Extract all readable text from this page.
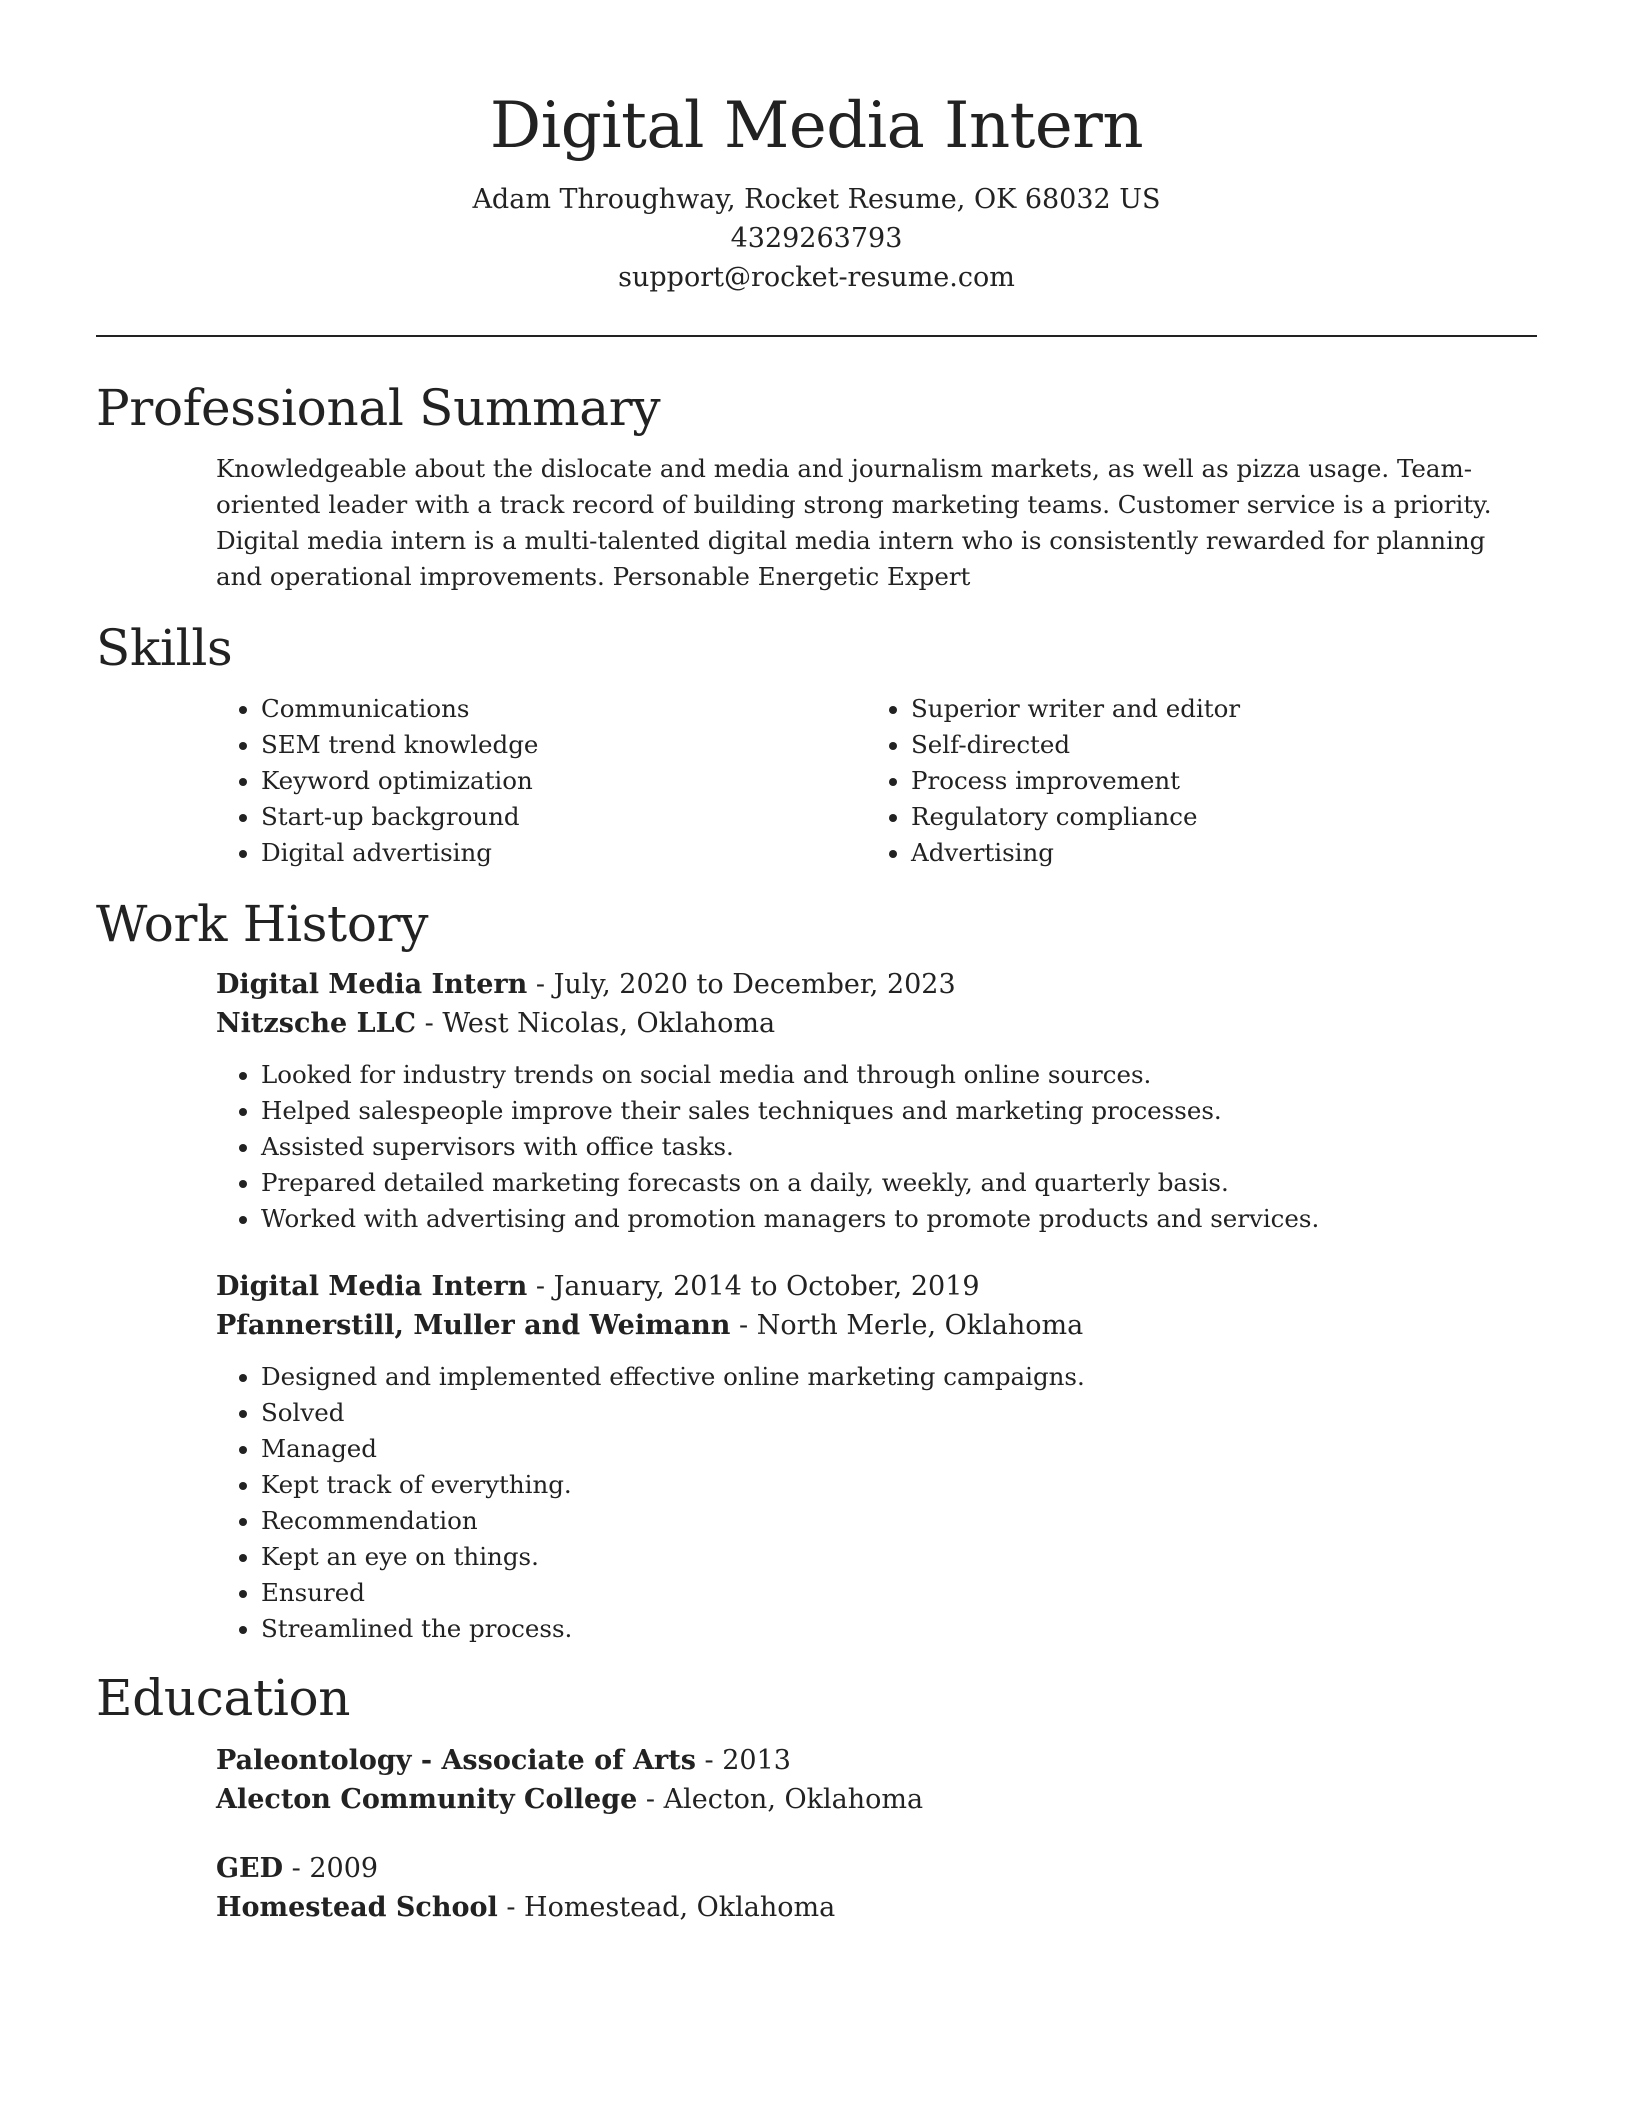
Digital Media Intern
Adam Throughway, Rocket Resume, OK 68032 US
4329263793
support@rocket-resume.com
Professional Summary

Knowledgeable about the dislocate and media and journalism markets, as well as pizza usage. Team-oriented leader with a track record of building strong marketing teams. Customer service is a priority. Digital media intern is a multi-talented digital media intern who is consistently rewarded for planning and operational improvements. Personable Energetic Expert

Skills
• Communications
• SEM trend knowledge
• Keyword optimization
• Start-up background
• Digital advertising
• Superior writer and editor
• Self-directed
• Process improvement
• Regulatory compliance
• Advertising
Work History
Digital Media Intern - July, 2020 to December, 2023
Nitzsche LLC - West Nicolas, Oklahoma
• Looked for industry trends on social media and through online sources.
• Helped salespeople improve their sales techniques and marketing processes.
• Assisted supervisors with office tasks.
• Prepared detailed marketing forecasts on a daily, weekly, and quarterly basis.
• Worked with advertising and promotion managers to promote products and services.
Digital Media Intern - January, 2014 to October, 2019
Pfannerstill, Muller and Weimann - North Merle, Oklahoma
• Designed and implemented effective online marketing campaigns.
• Solved
• Managed
• Kept track of everything.
• Recommendation
• Kept an eye on things.
• Ensured
• Streamlined the process.
Education
Paleontology - Associate of Arts - 2013
Alecton Community College - Alecton, Oklahoma
GED - 2009
Homestead School - Homestead, Oklahoma
